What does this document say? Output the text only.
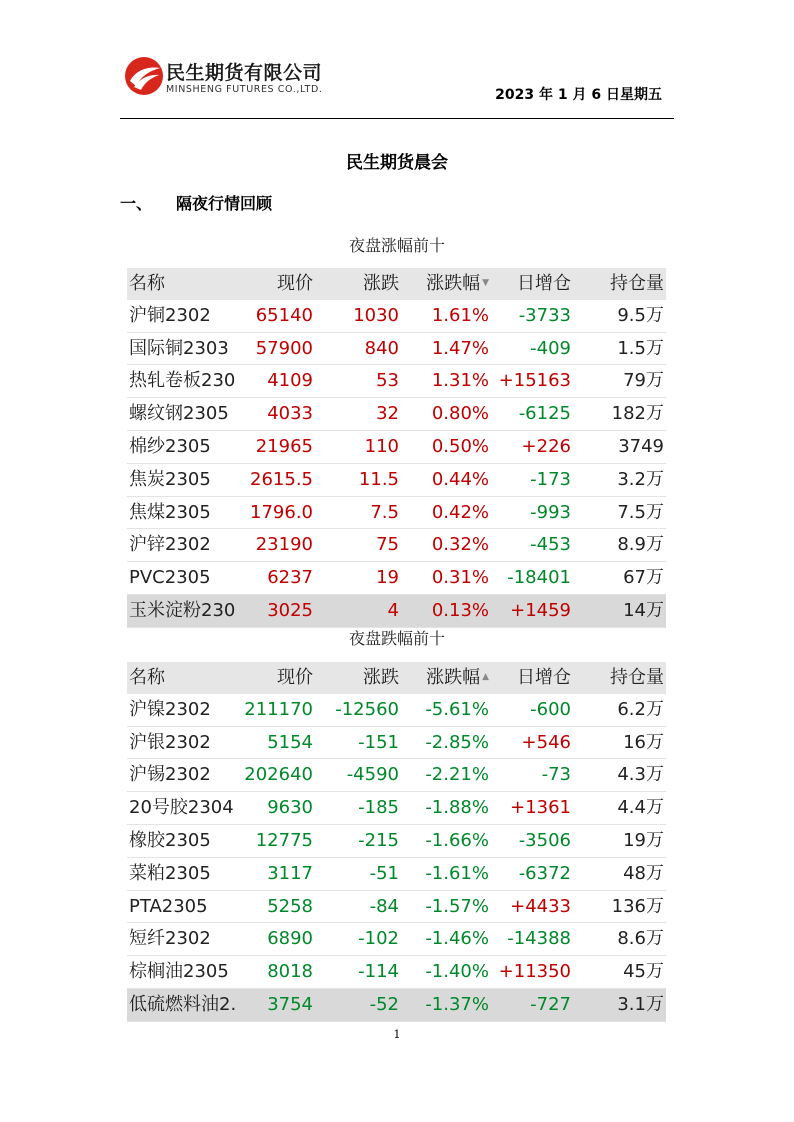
民生期货有限公司
MINSHENG FUTURES CO.,LTD.	2023 年 1 月 6 日星期五
民生期货晨会
一、 隔夜行情回顾
夜盘涨幅前十
名称	现价	涨跌	涨跌幅 ▼	日增仓	持仓量
沪铜2302	65140	1030	1.61%	-3733	9.5万
国际铜2303	57900	840	1.47%	-409	1.5万
热轧卷板230	4109	53	1.31%	+15163	79万
螺纹钢2305	4033	32	0.80%	-6125	182万
棉纱2305	21965	110	0.50%	+226	3749
焦炭2305	2615.5	11.5	0.44%	-173	3.2万
焦煤2305	1796.0	7.5	0.42%	-993	7.5万
沪锌2302	23190	75	0.32%	-453	8.9万
PVC2305	6237	19	0.31%	-18401	67万
玉米淀粉230	3025	4	0.13%	+1459	14万
夜盘跌幅前十
名称	现价	涨跌	涨跌幅 ▲	日增仓	持仓量
沪镍2302	211170	-12560	-5.61%	-600	6.2万
沪银2302	5154	-151	-2.85%	+546	16万
沪锡2302	202640	-4590	-2.21%	-73	4.3万
20号胶2304	9630	-185	-1.88%	+1361	4.4万
橡胶2305	12775	-215	-1.66%	-3506	19万
菜粕2305	3117	-51	-1.61%	-6372	48万
PTA2305	5258	-84	-1.57%	+4433	136万
短纤2302	6890	-102	-1.46%	-14388	8.6万
棕榈油2305	8018	-114	-1.40%	+11350	45万
低硫燃料油2.	3754	-52	-1.37%	-727	3.1万
1
